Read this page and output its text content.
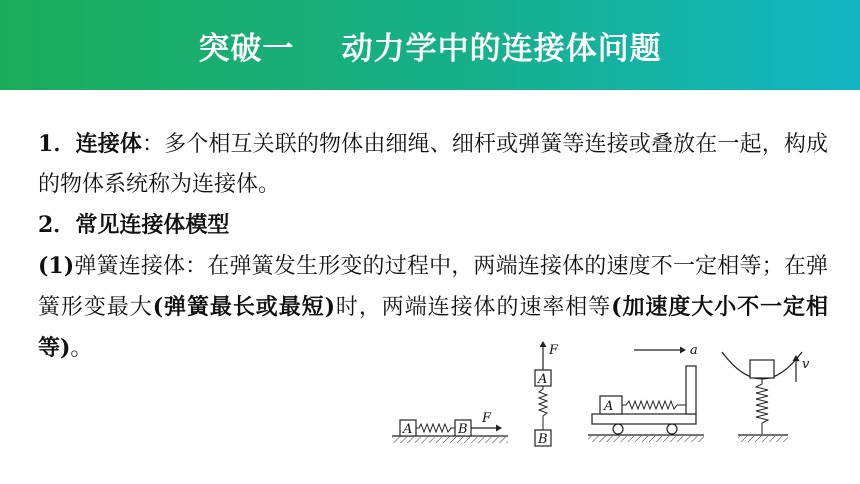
突破一    动力学中的连接体问题

1．连接体：多个相互关联的物体由细绳、细杆或弹簧等连接或叠放在一起，构成的物体系统称为连接体。

2．常见连接体模型

(1)弹簧连接体：在弹簧发生形变的过程中，两端连接体的速度不一定相等；在弹簧形变最大(弹簧最长或最短)时，两端连接体的速率相等(加速度大小不一定相等)。

A	B
F
F
A
B
a
A
v
